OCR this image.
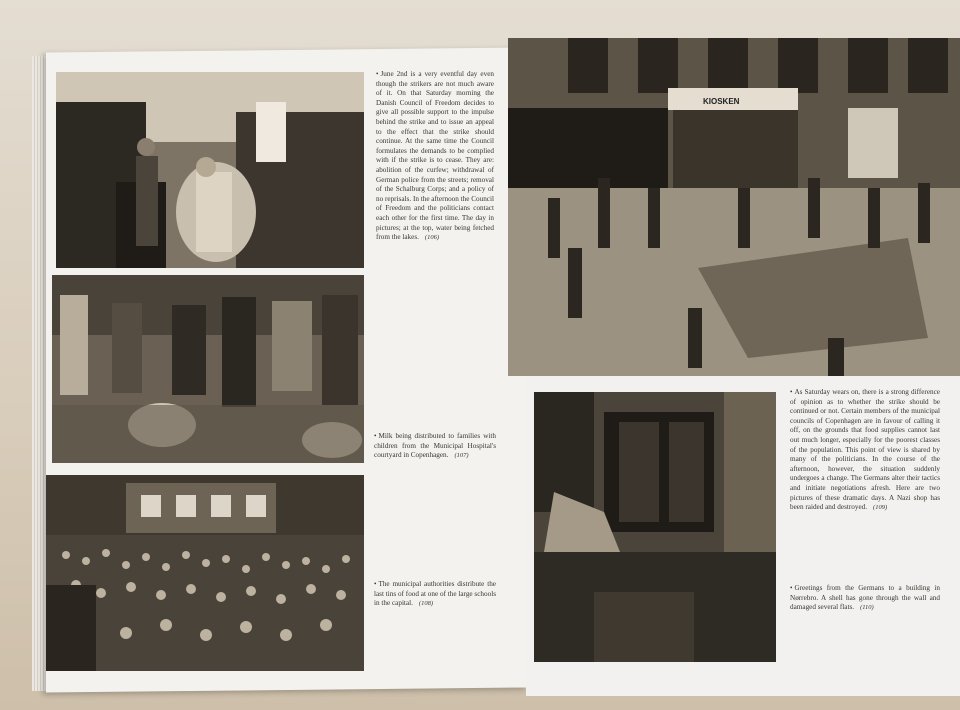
• June 2nd is a very eventful day even though the strikers are not much aware of it. On that Saturday morning the Danish Council of Freedom decides to give all possible support to the impulse behind the strike and to issue an appeal to the effect that the strike should continue. At the same time the Council formulates the demands to be complied with if the strike is to cease. They are: abolition of the curfew; withdrawal of German police from the streets; removal of the Schalburg Corps; and a policy of no reprisals. In the afternoon the Council of Freedom and the politicians contact each other for the first time. The day in pictures; at the top, water being fetched from the lakes. (106)
• Milk being distributed to families with children from the Municipal Hospital's courtyard in Copenhagen. (107)
• The municipal authorities distribute the last tins of food at one of the large schools in the capital. (108)
KIOSKEN
• As Saturday wears on, there is a strong difference of opinion as to whether the strike should be continued or not. Certain members of the municipal councils of Copenhagen are in favour of calling it off, on the grounds that food supplies cannot last out much longer, especially for the poorest classes of the population. This point of view is shared by many of the politicians. In the course of the afternoon, however, the situation suddenly undergoes a change. The Germans alter their tactics and initiate negotiations afresh. Here are two pictures of these dramatic days. A Nazi shop has been raided and destroyed. (109)
• Greetings from the Germans to a building in Nørrebro. A shell has gone through the wall and damaged several flats. (110)
